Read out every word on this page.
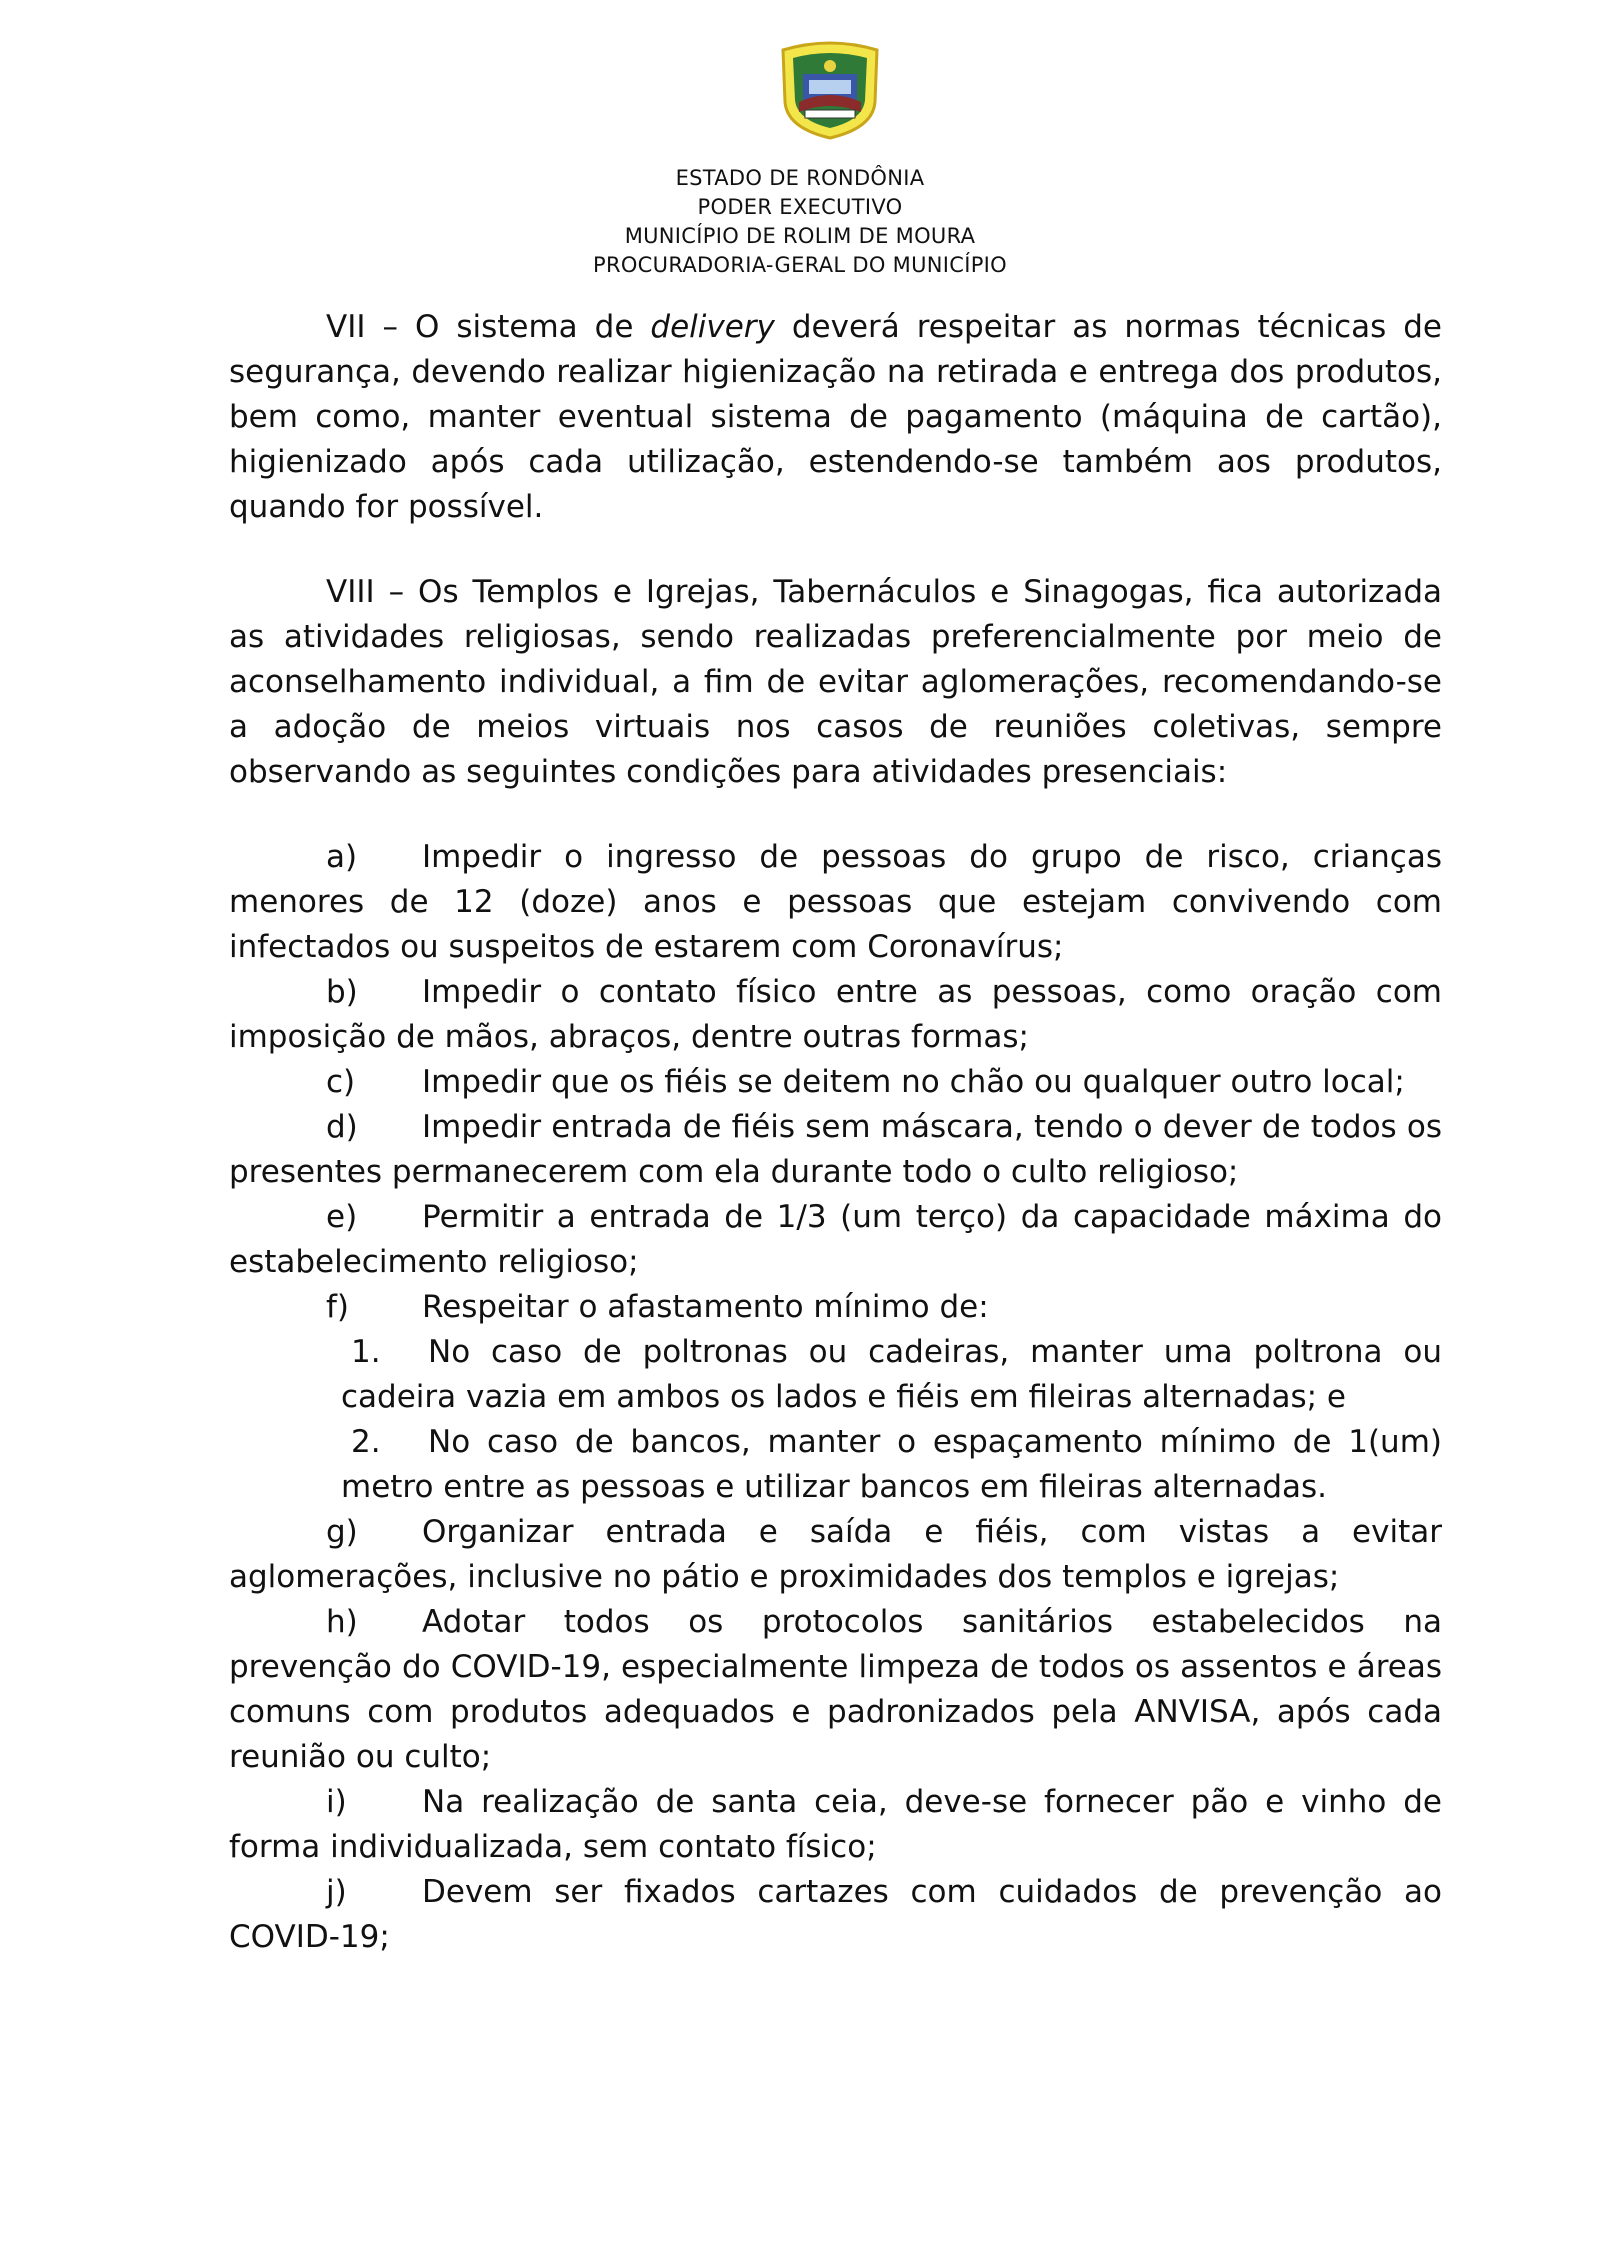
ESTADO DE RONDÔNIA
PODER EXECUTIVO
MUNICÍPIO DE ROLIM DE MOURA
PROCURADORIA-GERAL DO MUNICÍPIO

VII – O sistema de delivery deverá respeitar as normas técnicas de segurança, devendo realizar higienização na retirada e entrega dos produtos, bem como, manter eventual sistema de pagamento (máquina de cartão), higienizado após cada utilização, estendendo-se também aos produtos, quando for possível.

VIII – Os Templos e Igrejas, Tabernáculos e Sinagogas, fica autorizada as atividades religiosas, sendo realizadas preferencialmente por meio de aconselhamento individual, a fim de evitar aglomerações, recomendando-se a adoção de meios virtuais nos casos de reuniões coletivas, sempre observando as seguintes condições para atividades presenciais:

a) Impedir o ingresso de pessoas do grupo de risco, crianças menores de 12 (doze) anos e pessoas que estejam convivendo com infectados ou suspeitos de estarem com Coronavírus;

b) Impedir o contato físico entre as pessoas, como oração com imposição de mãos, abraços, dentre outras formas;

c) Impedir que os fiéis se deitem no chão ou qualquer outro local;

d) Impedir entrada de fiéis sem máscara, tendo o dever de todos os presentes permanecerem com ela durante todo o culto religioso;

e) Permitir a entrada de 1/3 (um terço) da capacidade máxima do estabelecimento religioso;

f) Respeitar o afastamento mínimo de:

1. No caso de poltronas ou cadeiras, manter uma poltrona ou cadeira vazia em ambos os lados e fiéis em fileiras alternadas; e

2. No caso de bancos, manter o espaçamento mínimo de 1(um) metro entre as pessoas e utilizar bancos em fileiras alternadas.

g) Organizar entrada e saída e fiéis, com vistas a evitar aglomerações, inclusive no pátio e proximidades dos templos e igrejas;

h) Adotar todos os protocolos sanitários estabelecidos na prevenção do COVID-19, especialmente limpeza de todos os assentos e áreas comuns com produtos adequados e padronizados pela ANVISA, após cada reunião ou culto;

i) Na realização de santa ceia, deve-se fornecer pão e vinho de forma individualizada, sem contato físico;

j) Devem ser fixados cartazes com cuidados de prevenção ao COVID-19;
